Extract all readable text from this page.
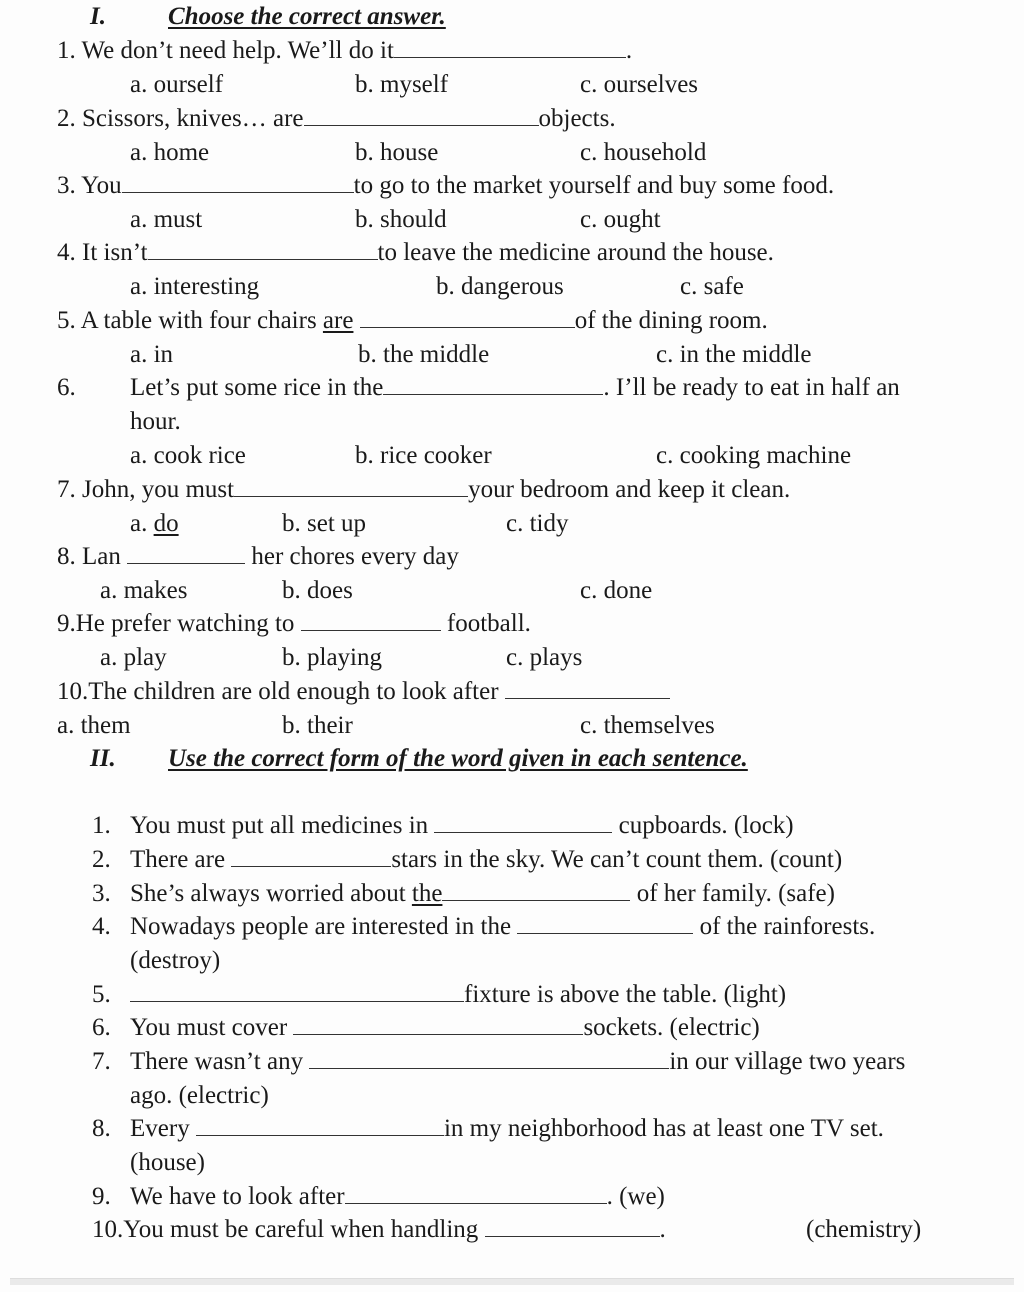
I. Choose the correct answer.
1. We don’t need help. We’ll do it	.
a. ourself	b. myself	c. ourselves
2. Scissors, knives… are	objects.
a. home	b. house	c. household
3. You	to go to the market yourself and buy some food.
a. must	b. should	c. ought
4. It isn’t	to leave the medicine around the house.
a. interesting	b. dangerous	c. safe
5. A table with four chairs are	of the dining room.
a. in	b. the middle	c. in the middle
6. Let’s put some rice in the	. I’ll be ready to eat in half an
hour.
a. cook rice	b. rice cooker	c. cooking machine
7. John, you must	your bedroom and keep it clean.
a. do	b. set up	c. tidy
8. Lan	her chores every day
a. makes	b. does	c. done
9.He prefer watching to	football.
a. play	b. playing	c. plays
10.The children are old enough to look after
a. them	b. their	c. themselves
II. Use the correct form of the word given in each sentence.
1. You must put all medicines in	cupboards. (lock)
2. There are	stars in the sky. We can’t count them. (count)
3. She’s always worried about the	of her family. (safe)
4. Nowadays people are interested in the	of the rainforests.
(destroy)
5.	fixture is above the table. (light)
6. You must cover	sockets. (electric)
7. There wasn’t any	in our village two years
ago. (electric)
8. Every	in my neighborhood has at least one TV set.
(house)
9. We have to look after	. (we)
10.You must be careful when handling	.	(chemistry)
